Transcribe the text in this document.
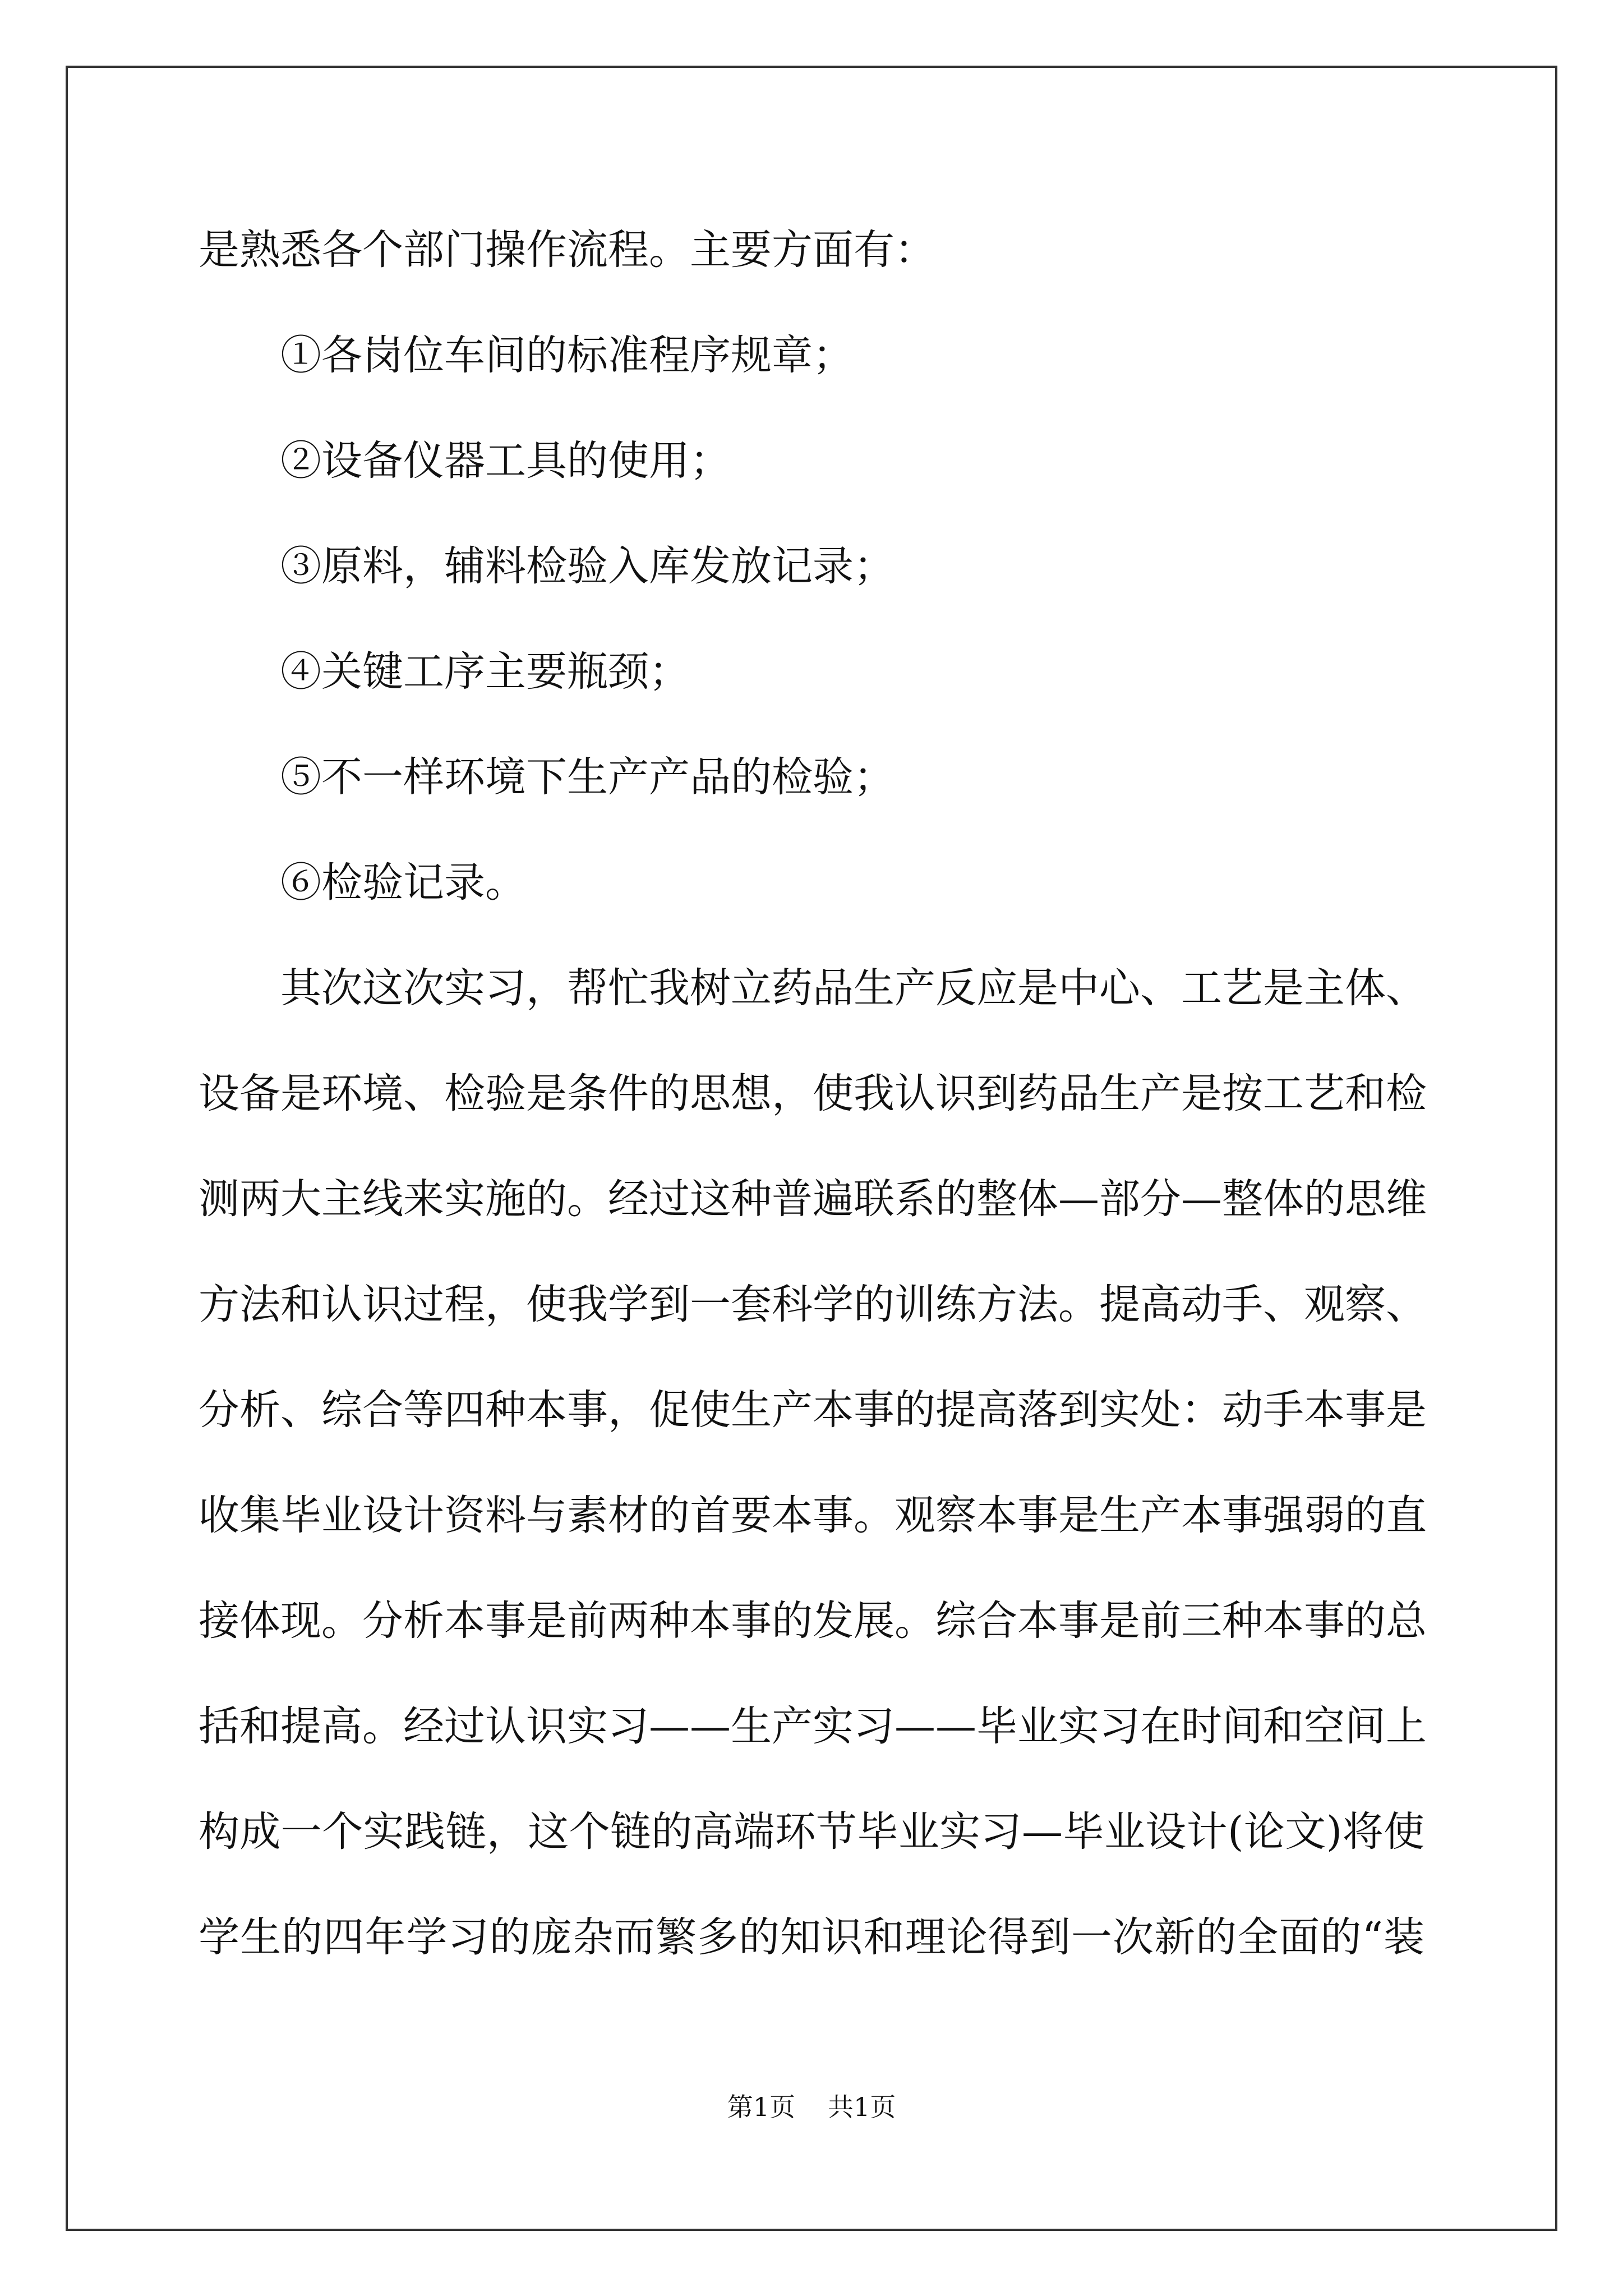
是熟悉各个部门操作流程。主要方面有：
①各岗位车间的标准程序规章；
②设备仪器工具的使用；
③原料，辅料检验入库发放记录；
④关键工序主要瓶颈；
⑤不一样环境下生产产品的检验；
⑥检验记录。
其次这次实习，帮忙我树立药品生产反应是中心、工艺是主体、
设备是环境、检验是条件的思想，使我认识到药品生产是按工艺和检
测两大主线来实施的。经过这种普遍联系的整体—部分—整体的思维
方法和认识过程，使我学到一套科学的训练方法。提高动手、观察、
分析、综合等四种本事，促使生产本事的提高落到实处：动手本事是
收集毕业设计资料与素材的首要本事。观察本事是生产本事强弱的直
接体现。分析本事是前两种本事的发展。综合本事是前三种本事的总
括和提高。经过认识实习——生产实习——毕业实习在时间和空间上
构成一个实践链，这个链的高端环节毕业实习—毕业设计(论文)将使
学生的四年学习的庞杂而繁多的知识和理论得到一次新的全面的“装
第1页 共1页
